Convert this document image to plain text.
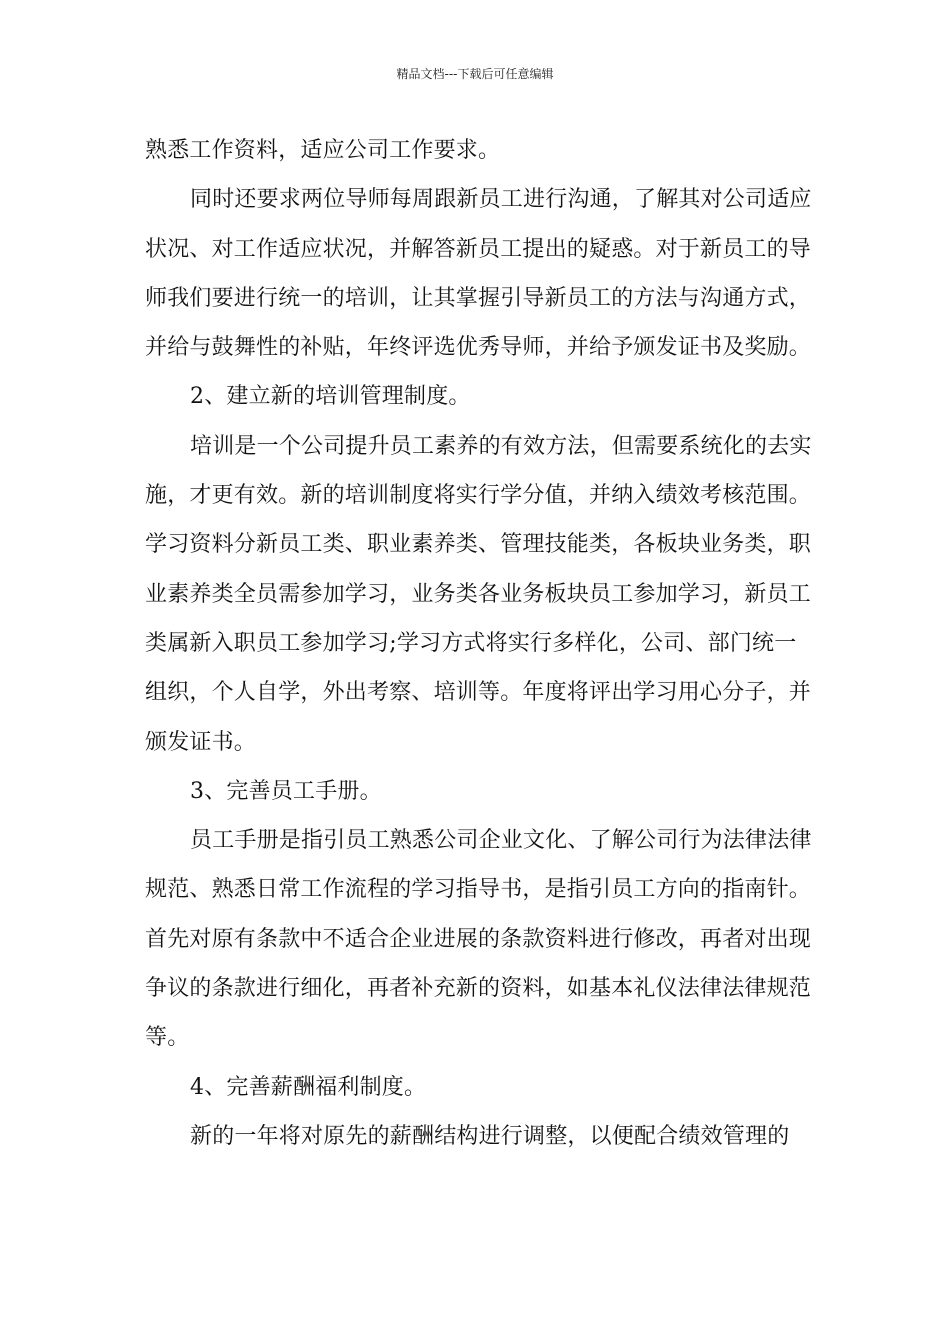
精品文档---下载后可任意编辑

熟悉工作资料，适应公司工作要求。

同时还要求两位导师每周跟新员工进行沟通，了解其对公司适应状况、对工作适应状况，并解答新员工提出的疑惑。对于新员工的导师我们要进行统一的培训，让其掌握引导新员工的方法与沟通方式，并给与鼓舞性的补贴，年终评选优秀导师，并给予颁发证书及奖励。

2、建立新的培训管理制度。

培训是一个公司提升员工素养的有效方法，但需要系统化的去实施，才更有效。新的培训制度将实行学分值，并纳入绩效考核范围。学习资料分新员工类、职业素养类、管理技能类，各板块业务类，职业素养类全员需参加学习，业务类各业务板块员工参加学习，新员工类属新入职员工参加学习;学习方式将实行多样化，公司、部门统一组织，个人自学，外出考察、培训等。年度将评出学习用心分子，并颁发证书。

3、完善员工手册。

员工手册是指引员工熟悉公司企业文化、了解公司行为法律法律规范、熟悉日常工作流程的学习指导书，是指引员工方向的指南针。首先对原有条款中不适合企业进展的条款资料进行修改，再者对出现争议的条款进行细化，再者补充新的资料，如基本礼仪法律法律规范等。

4、完善薪酬福利制度。

新的一年将对原先的薪酬结构进行调整，以便配合绩效管理的
